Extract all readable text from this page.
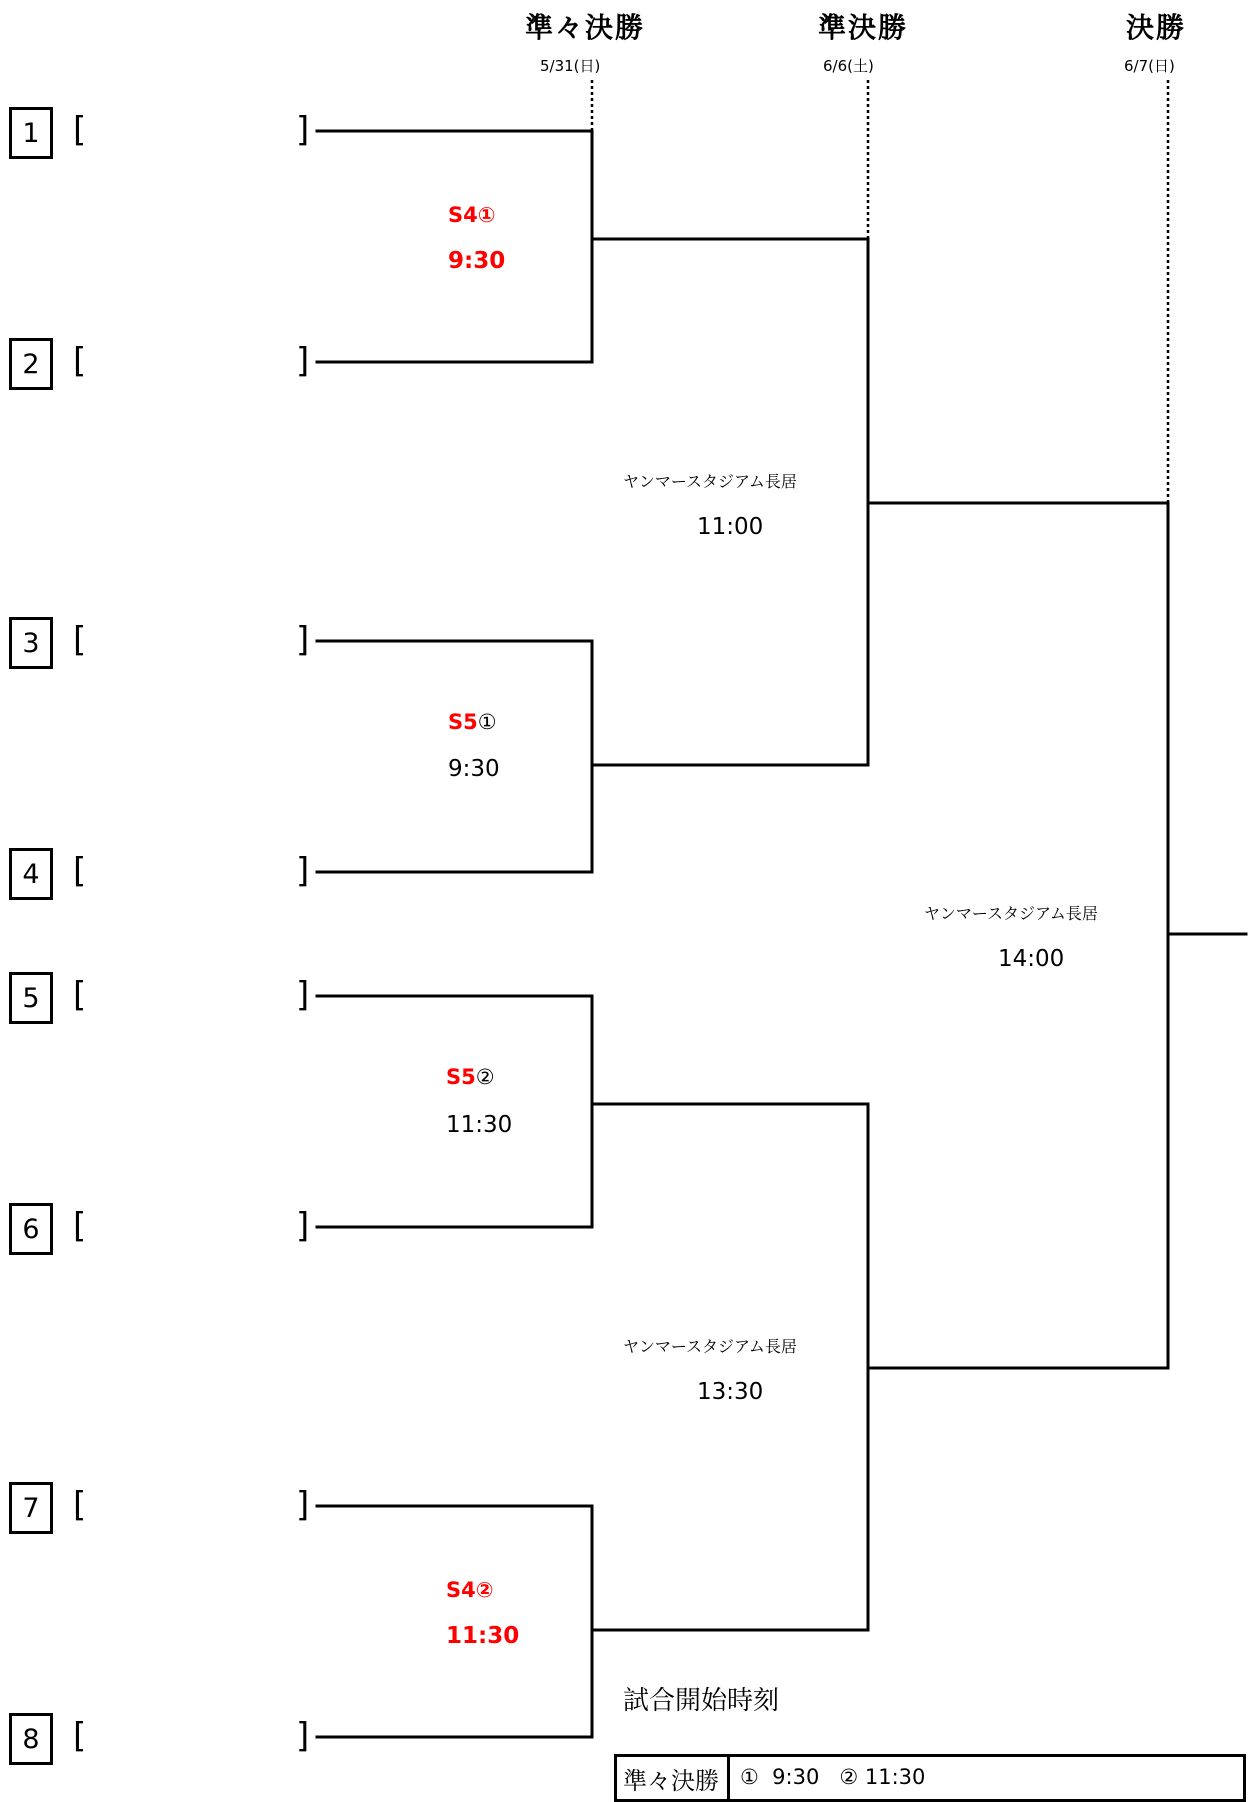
準々決勝
5/31(日)
準決勝
6/6(土)
決勝
6/7(日)
1 [	]
2 [	]
3 [	]
4 [	]
5 [	]
6 [	]
7 [	]
8 [	]
S4①
9:30
S5①
9:30
S5②
11:30
S4②
11:30
ヤンマースタジアム長居
11:00
ヤンマースタジアム長居
13:30
ヤンマースタジアム長居
14:00
試合開始時刻
準々決勝	①  9:30   ② 11:30
